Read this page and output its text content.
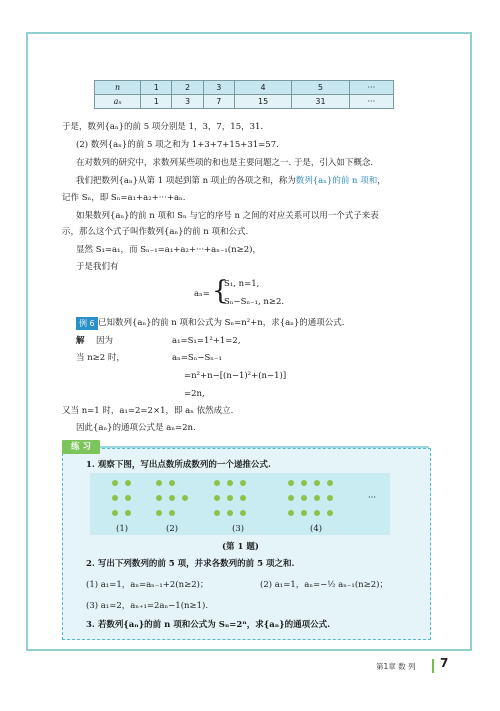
n	1	2	3	4	5	···
aₙ	1	3	7	15	31	···
于是，数列{aₙ}的前 5 项分别是 1，3，7，15，31.
(2) 数列{aₙ}的前 5 项之和为 1+3+7+15+31=57.
在对数列的研究中，求数列某些项的和也是主要问题之一. 于是，引入如下概念.
我们把数列{aₙ}从第 1 项起到第 n 项止的各项之和，称为数列{aₙ}的前 n 项和，
记作 Sₙ，即 Sₙ=a₁+a₂+···+aₙ.
如果数列{aₙ}的前 n 项和 Sₙ 与它的序号 n 之间的对应关系可以用一个式子来表
示，那么这个式子叫作数列{aₙ}的前 n 项和公式.
显然 S₁=a₁，而 Sₙ₋₁=a₁+a₂+···+aₙ₋₁(n≥2)，
于是我们有
aₙ= {
S₁, n=1,
Sₙ−Sₙ₋₁, n≥2.
例 6 已知数列{aₙ}的前 n 项和公式为 Sₙ=n²+n，求{aₙ}的通项公式.
解 因为	a₁=S₁=1²+1=2,
当 n≥2 时，	aₙ=Sₙ−Sₙ₋₁
=n²+n−[(n−1)²+(n−1)]
=2n,
又当 n=1 时，a₁=2=2×1，即 aₙ 依然成立.
因此{aₙ}的通项公式是 aₙ=2n.
练 习
1. 观察下图，写出点数所成数列的一个递推公式.
···
(1)	(2)	(3)	(4)
(第 1 题)
2. 写出下列数列的前 5 项，并求各数列的前 5 项之和.
(1) a₁=1，aₙ=aₙ₋₁+2(n≥2)；	(2) a₁=1，aₙ=−½ aₙ₋₁(n≥2)；
(3) a₁=2，aₙ₊₁=2aₙ−1(n≥1).
3. 若数列{aₙ}的前 n 项和公式为 Sₙ=2ⁿ，求{aₙ}的通项公式.
第1章 数 列 7
